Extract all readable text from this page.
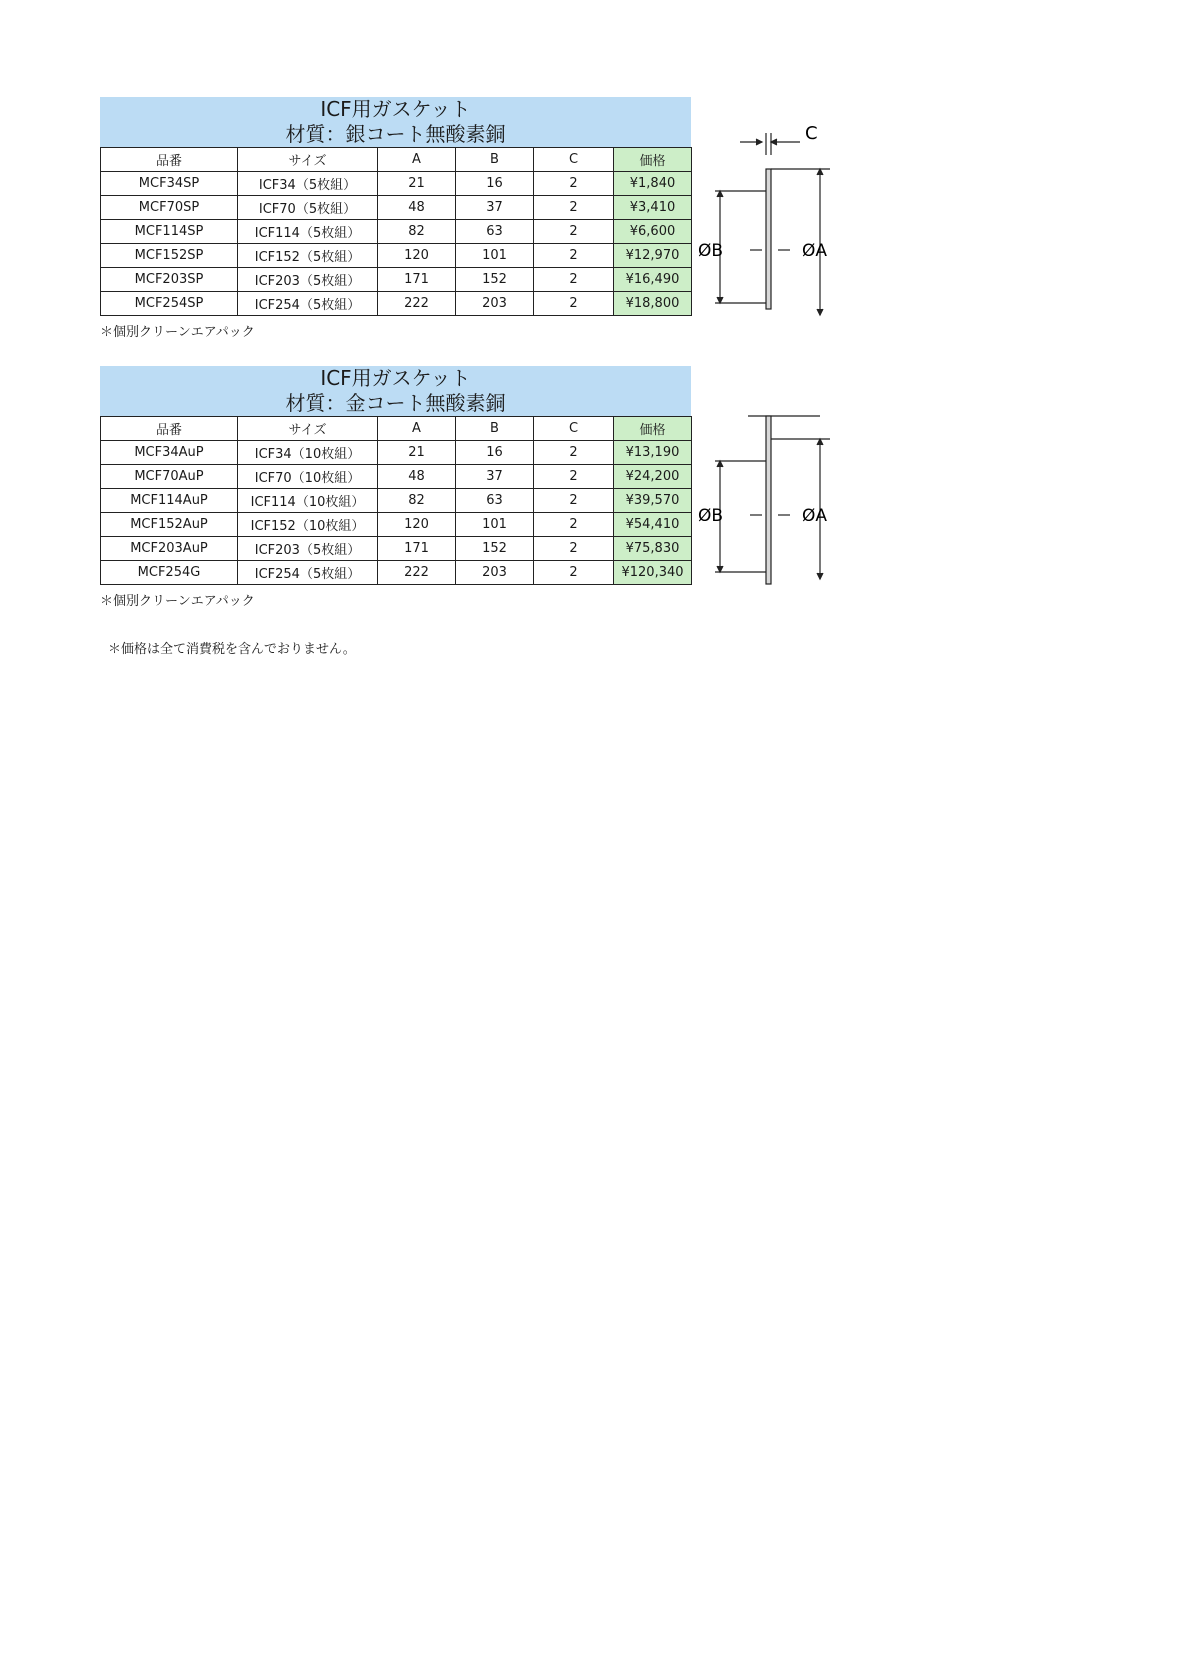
ICF用ガスケット
材質：銀コート無酸素銅
品番	サイズ	A	B	C	価格
MCF34SP	ICF34（5枚組）	21	16	2	¥1,840
MCF70SP	ICF70（5枚組）	48	37	2	¥3,410
MCF114SP	ICF114（5枚組）	82	63	2	¥6,600
MCF152SP	ICF152（5枚組）	120	101	2	¥12,970
MCF203SP	ICF203（5枚組）	171	152	2	¥16,490
MCF254SP	ICF254（5枚組）	222	203	2	¥18,800
＊個別クリーンエアパック
C
ØB	ØA
ICF用ガスケット
材質：金コート無酸素銅
品番	サイズ	A	B	C	価格
MCF34AuP	ICF34（10枚組）	21	16	2	¥13,190
MCF70AuP	ICF70（10枚組）	48	37	2	¥24,200
MCF114AuP	ICF114（10枚組）	82	63	2	¥39,570
MCF152AuP	ICF152（10枚組）	120	101	2	¥54,410
MCF203AuP	ICF203（5枚組）	171	152	2	¥75,830
MCF254G	ICF254（5枚組）	222	203	2	¥120,340
＊個別クリーンエアパック
ØB	ØA
＊価格は全て消費税を含んでおりません。
